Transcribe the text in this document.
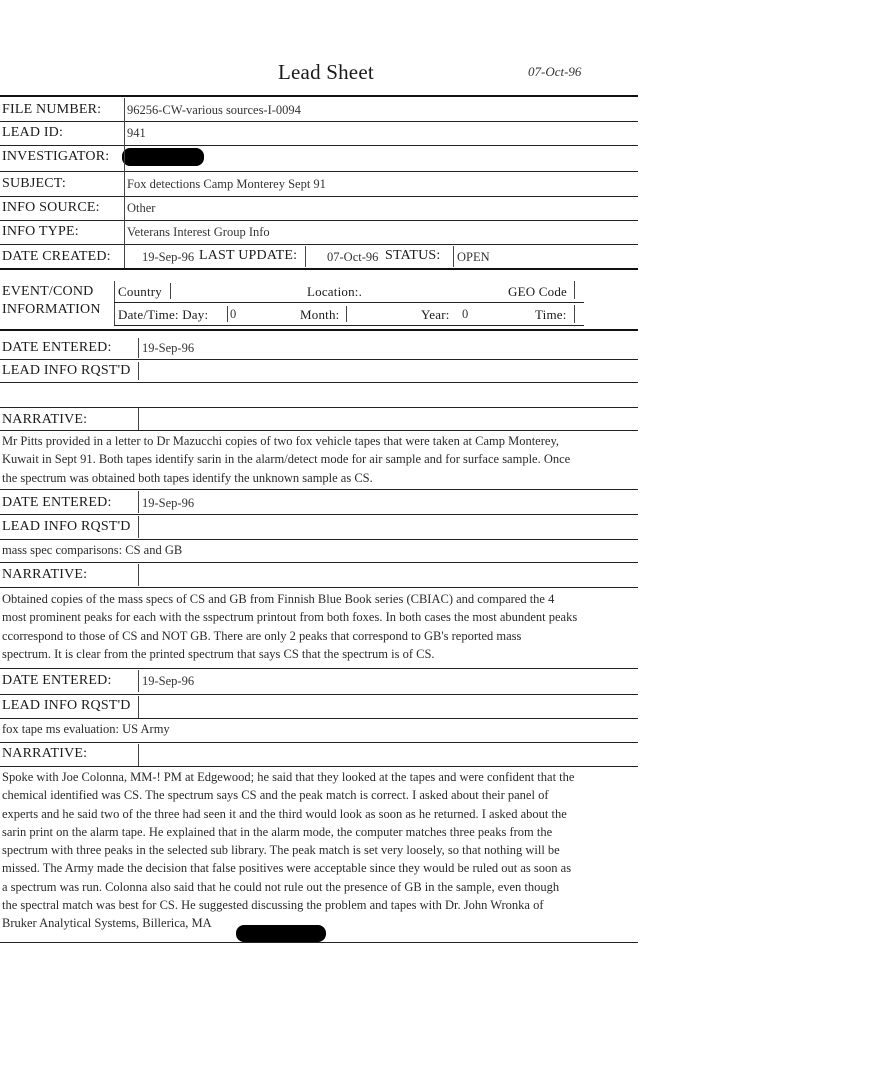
Lead Sheet	07-Oct-96
FILE NUMBER: 96256-CW-various sources-I-0094
LEAD ID:	941
INVESTIGATOR:
SUBJECT:	Fox detections Camp Monterey Sept 91
INFO SOURCE: Other
INFO TYPE:	Veterans Interest Group Info
DATE CREATED: 19-Sep-96 LAST UPDATE: 07-Oct-96 STATUS: OPEN
EVENT/COND
INFORMATION
Country	Location:.	GEO Code
Date/Time: Day: 0	Month:	Year: 0	Time:
DATE ENTERED: 19-Sep-96
LEAD INFO RQST'D
NARRATIVE:
Mr Pitts provided in a letter to Dr Mazucchi copies of two fox vehicle tapes that were taken at Camp Monterey,
Kuwait in Sept 91. Both tapes identify sarin in the alarm/detect mode for air sample and for surface sample. Once
the spectrum was obtained both tapes identify the unknown sample as CS.
DATE ENTERED: 19-Sep-96
LEAD INFO RQST'D
mass spec comparisons: CS and GB
NARRATIVE:
Obtained copies of the mass specs of CS and GB from Finnish Blue Book series (CBIAC) and compared the 4
most prominent peaks for each with the sspectrum printout from both foxes. In both cases the most abundent peaks
ccorrespond to those of CS and NOT GB. There are only 2 peaks that correspond to GB's reported mass
spectrum. It is clear from the printed spectrum that says CS that the spectrum is of CS.
DATE ENTERED: 19-Sep-96
LEAD INFO RQST'D
fox tape ms evaluation: US Army
NARRATIVE:
Spoke with Joe Colonna, MM-! PM at Edgewood; he said that they looked at the tapes and were confident that the
chemical identified was CS. The spectrum says CS and the peak match is correct. I asked about their panel of
experts and he said two of the three had seen it and the third would look as soon as he returned. I asked about the
sarin print on the alarm tape. He explained that in the alarm mode, the computer matches three peaks from the
spectrum with three peaks in the selected sub library. The peak match is set very loosely, so that nothing will be
missed. The Army made the decision that false positives were acceptable since they would be ruled out as soon as
a spectrum was run. Colonna also said that he could not rule out the presence of GB in the sample, even though
the spectral match was best for CS. He suggested discussing the problem and tapes with Dr. John Wronka of
Bruker Analytical Systems, Billerica, MA
